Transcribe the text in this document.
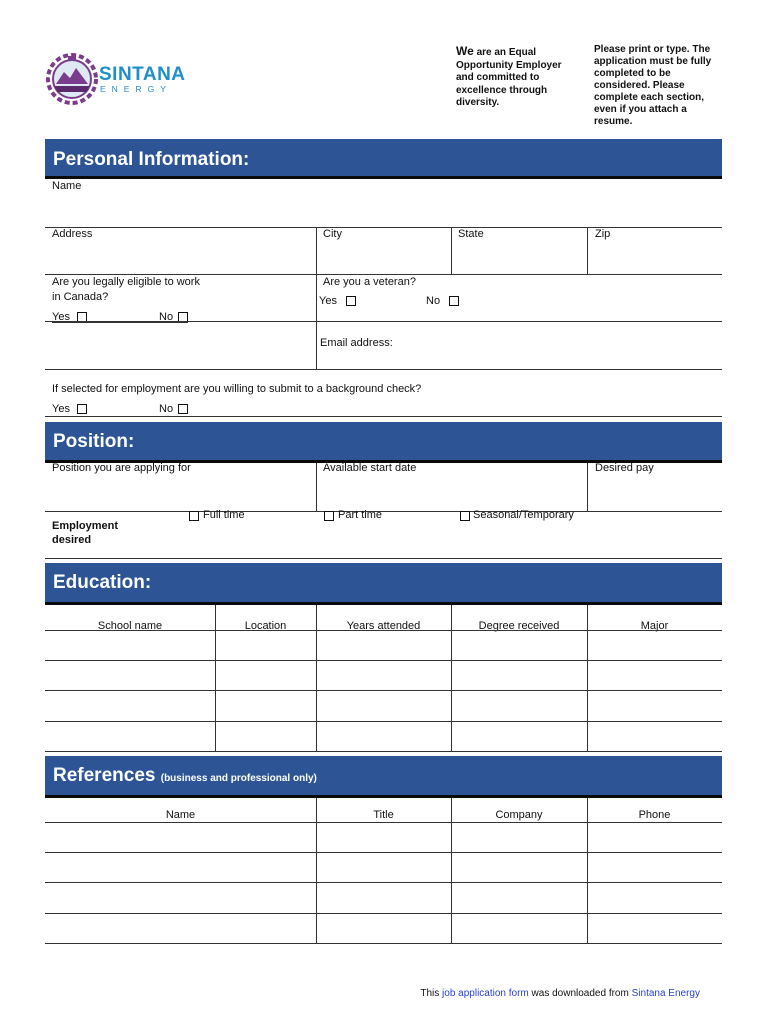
SINTANA
ENERGY
We are an Equal Opportunity Employer and committed to excellence through diversity.
Please print or type. The application must be fully completed to be considered. Please complete each section, even if you attach a resume.
Personal Information:
Name
Address	City	State	Zip
Are you legally eligible to work
in Canada?
Yes	No
Are you a veteran?
Yes	No
Email address:
If selected for employment are you willing to submit to a background check?
Yes	No
Position:
Position you are applying for	Available start date	Desired pay
Full time	Part time	Seasonal/Temporary
Employment
desired
Education:
School name	Location	Years attended	Degree received	Major
References (business and professional only)
Name	Title	Company	Phone
This job application form was downloaded from Sintana Energy
